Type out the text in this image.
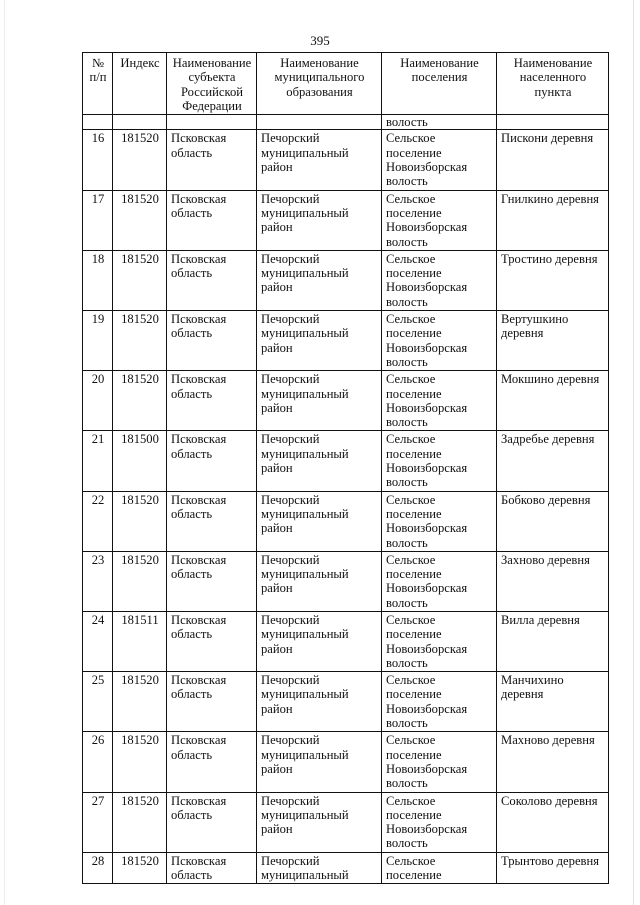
395
№ п/п	Индекс	Наименование субъекта Российской Федерации	Наименование муниципального образования	Наименование поселения	Наименование населенного пункта
				волость	
16	181520	Псковская область	Печорский муниципальный район	Сельское поселение Новоизборская волость	Пискони деревня
17	181520	Псковская область	Печорский муниципальный район	Сельское поселение Новоизборская волость	Гнилкино деревня
18	181520	Псковская область	Печорский муниципальный район	Сельское поселение Новоизборская волость	Тростино деревня
19	181520	Псковская область	Печорский муниципальный район	Сельское поселение Новоизборская волость	Вертушкино деревня
20	181520	Псковская область	Печорский муниципальный район	Сельское поселение Новоизборская волость	Мокшино деревня
21	181500	Псковская область	Печорский муниципальный район	Сельское поселение Новоизборская волость	Задребье деревня
22	181520	Псковская область	Печорский муниципальный район	Сельское поселение Новоизборская волость	Бобково деревня
23	181520	Псковская область	Печорский муниципальный район	Сельское поселение Новоизборская волость	Захново деревня
24	181511	Псковская область	Печорский муниципальный район	Сельское поселение Новоизборская волость	Вилла деревня
25	181520	Псковская область	Печорский муниципальный район	Сельское поселение Новоизборская волость	Манчихино деревня
26	181520	Псковская область	Печорский муниципальный район	Сельское поселение Новоизборская волость	Махново деревня
27	181520	Псковская область	Печорский муниципальный район	Сельское поселение Новоизборская волость	Соколово деревня
28	181520	Псковская область	Печорский муниципальный	Сельское поселение	Трынтово деревня
